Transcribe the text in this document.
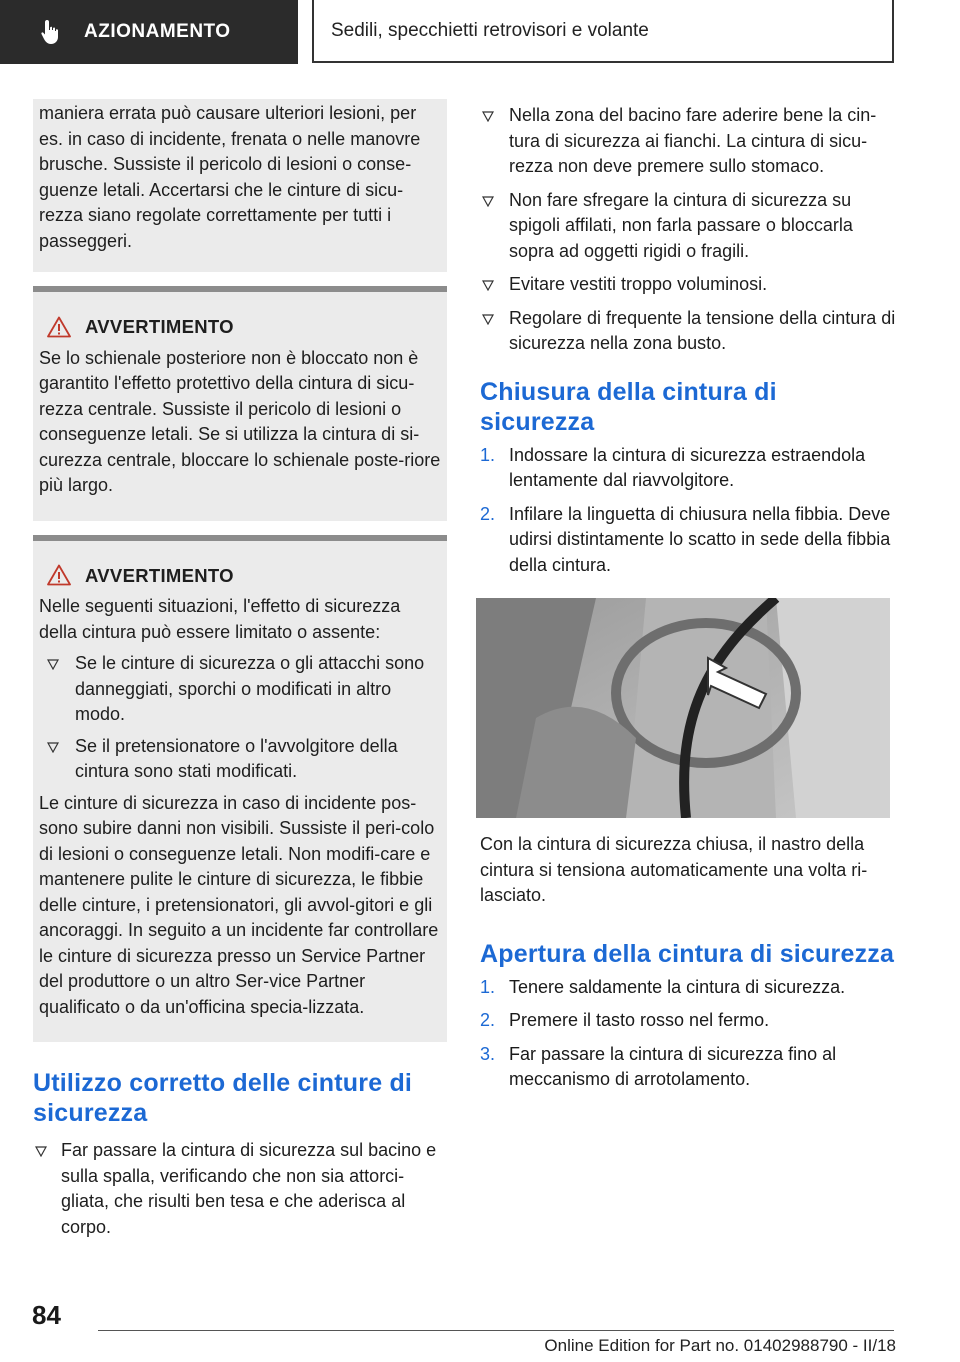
AZIONAMENTO	Sedili, specchietti retrovisori e volante

maniera errata può causare ulteriori lesioni, per es. in caso di incidente, frenata o nelle manovre brusche. Sussiste il pericolo di lesioni o conse-guenze letali. Accertarsi che le cinture di sicu-rezza siano regolate correttamente per tutti i passeggeri.

AVVERTIMENTO

Se lo schienale posteriore non è bloccato non è garantito l'effetto protettivo della cintura di sicu-rezza centrale. Sussiste il pericolo di lesioni o conseguenze letali. Se si utilizza la cintura di si-curezza centrale, bloccare lo schienale poste-riore più largo.

AVVERTIMENTO

Nelle seguenti situazioni, l'effetto di sicurezza della cintura può essere limitato o assente:

Se le cinture di sicurezza o gli attacchi sono danneggiati, sporchi o modificati in altro modo.
Se il pretensionatore o l'avvolgitore della cintura sono stati modificati.

Le cinture di sicurezza in caso di incidente pos-sono subire danni non visibili. Sussiste il peri-colo di lesioni o conseguenze letali. Non modifi-care e mantenere pulite le cinture di sicurezza, le fibbie delle cinture, i pretensionatori, gli avvol-gitori e gli ancoraggi. In seguito a un incidente far controllare le cinture di sicurezza presso un Service Partner del produttore o un altro Ser-vice Partner qualificato o da un'officina specia-lizzata.

Utilizzo corretto delle cinture di sicurezza
Far passare la cintura di sicurezza sul bacino e sulla spalla, verificando che non sia attorci-gliata, che risulti ben tesa e che aderisca al corpo.
Nella zona del bacino fare aderire bene la cin-tura di sicurezza ai fianchi. La cintura di sicu-rezza non deve premere sullo stomaco.
Non fare sfregare la cintura di sicurezza su spigoli affilati, non farla passare o bloccarla sopra ad oggetti rigidi o fragili.
Evitare vestiti troppo voluminosi.
Regolare di frequente la tensione della cintura di sicurezza nella zona busto.
Chiusura della cintura di sicurezza
1. Indossare la cintura di sicurezza estraendola lentamente dal riavvolgitore.
2. Infilare la linguetta di chiusura nella fibbia. Deve udirsi distintamente lo scatto in sede della fibbia della cintura.

Con la cintura di sicurezza chiusa, il nastro della cintura si tensiona automaticamente una volta ri-lasciato.

Apertura della cintura di sicurezza
1. Tenere saldamente la cintura di sicurezza.
2. Premere il tasto rosso nel fermo.
3. Far passare la cintura di sicurezza fino al meccanismo di arrotolamento.
84
Online Edition for Part no. 01402988790 - II/18
